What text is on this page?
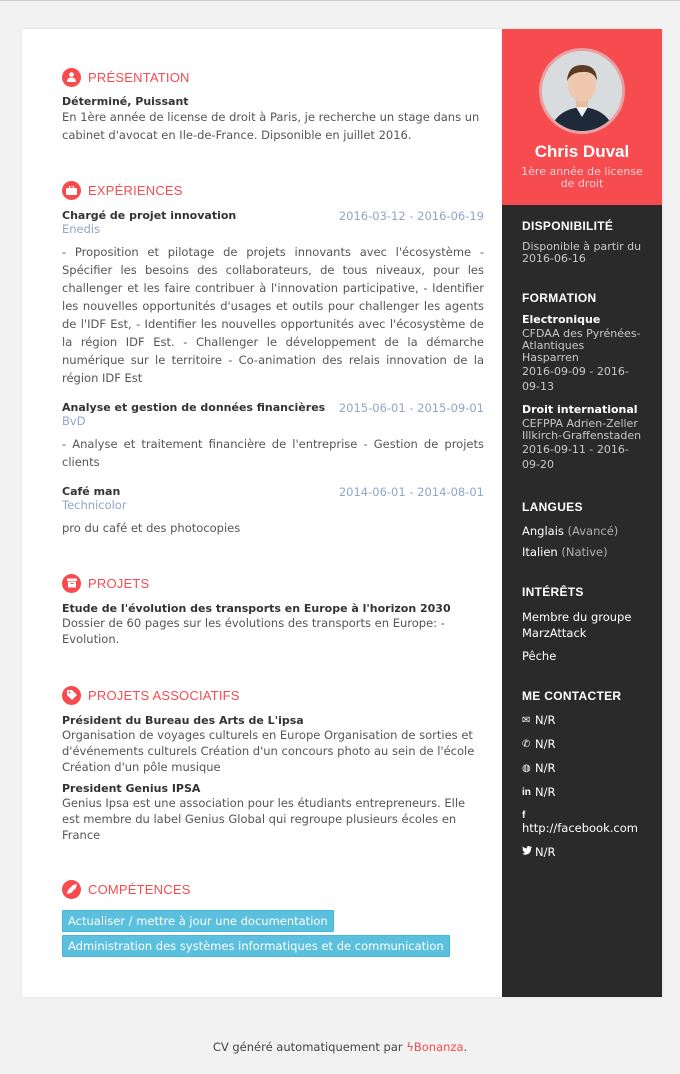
PRÉSENTATION
Déterminé, Puissant
En 1ère année de license de droit à Paris, je recherche un stage dans un cabinet d'avocat en Ile-de-France. Dipsonible en juillet 2016.
EXPÉRIENCES
Chargé de projet innovation	2016-03-12 - 2016-06-19
Enedis
- Proposition et pilotage de projets innovants avec l'écosystème - Spécifier les besoins des collaborateurs, de tous niveaux, pour les challenger et les faire contribuer à l'innovation participative, - Identifier les nouvelles opportunités d'usages et outils pour challenger les agents de l'IDF Est, - Identifier les nouvelles opportunités avec l'écosystème de la région IDF Est. - Challenger le développement de la démarche numérique sur le territoire - Co-animation des relais innovation de la région IDF Est
Analyse et gestion de données financières 2015-06-01 - 2015-09-01
BvD
- Analyse et traitement financière de l'entreprise - Gestion de projets clients
Café man	2014-06-01 - 2014-08-01
Technicolor
pro du café et des photocopies
PROJETS
Etude de l'évolution des transports en Europe à l'horizon 2030
Dossier de 60 pages sur les évolutions des transports en Europe: - Evolution.
PROJETS ASSOCIATIFS
Président du Bureau des Arts de L'ipsa
Organisation de voyages culturels en Europe Organisation de sorties et d'événements culturels Création d'un concours photo au sein de l'école Création d'un pôle musique
President Genius IPSA
Genius Ipsa est une association pour les étudiants entrepreneurs. Elle est membre du label Genius Global qui regroupe plusieurs écoles en France
COMPÉTENCES
Actualiser / mettre à jour une documentation
Administration des systèmes informatiques et de communication
Chris Duval
1ère année de license de droit
DISPONIBILITÉ
Disponible à partir du 2016-06-16
FORMATION
Electronique
CFDAA des Pyrénées-Atlantiques Hasparren
2016-09-09 - 2016-09-13
Droit international
CEFPPA Adrien-Zeller Illkirch-Graffenstaden
2016-09-11 - 2016-09-20
LANGUES
Anglais (Avancé)
Italien (Native)
INTÉRÊTS
Membre du groupe MarzAttack
Pêche
ME CONTACTER
✉ N/R
✆ N/R
◍ N/R
in N/R
f
http://facebook.com
N/R
CV généré automatiquement par ϟBonanza.
